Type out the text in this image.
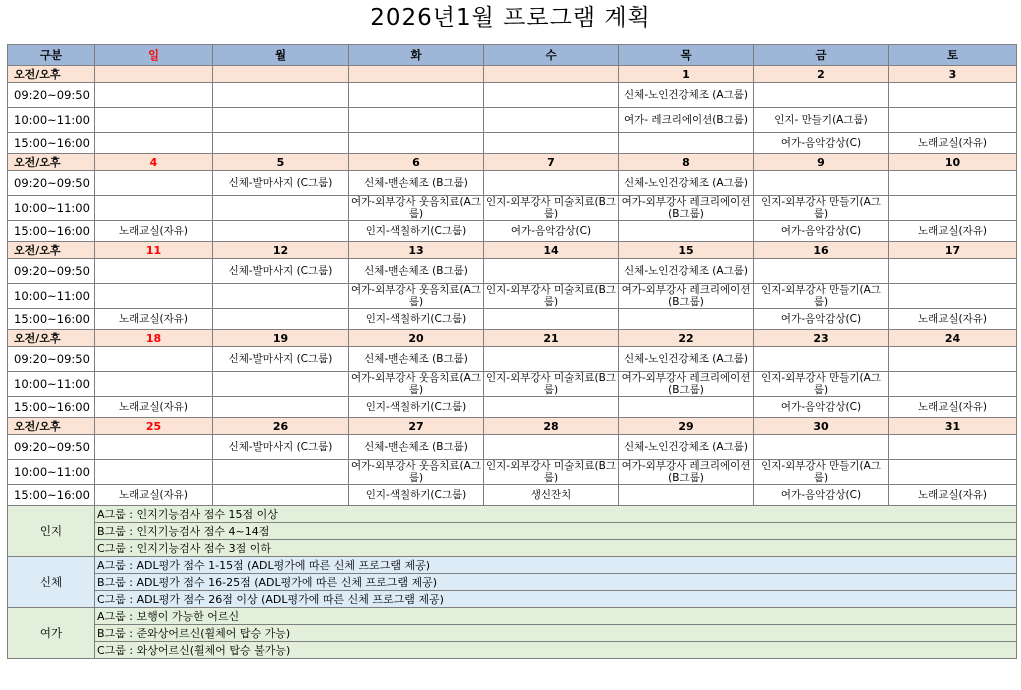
2026년1월 프로그램 계획
구분	일	월	화	수	목	금	토
오전/오후					1	2	3
09:20~09:50					신체-노인건강체조 (A그룹)		

10:00~11:00					여가- 레크리에이션(B그룹)	인지- 만들기(A그룹)	

15:00~16:00						여가-음악감상(C)	노래교실(자유)

오전/오후	4	5	6	7	8	9	10
09:20~09:50		신체-발마사지 (C그룹)	신체-맨손체조 (B그룹)		신체-노인건강체조 (A그룹)		

10:00~11:00			여가-외부강사 웃음치료(A그룹)	인지-외부강사 미술치료(B그룹)	여가-외부강사 레크리에이션(B그룹)	인지-외부강사 만들기(A그룹)	

15:00~16:00	노래교실(자유)		인지-색칠하기(C그룹)	여가-음악감상(C)		여가-음악감상(C)	노래교실(자유)

오전/오후	11	12	13	14	15	16	17
09:20~09:50		신체-발마사지 (C그룹)	신체-맨손체조 (B그룹)		신체-노인건강체조 (A그룹)		

10:00~11:00			여가-외부강사 웃음치료(A그룹)	인지-외부강사 미술치료(B그룹)	여가-외부강사 레크리에이션(B그룹)	인지-외부강사 만들기(A그룹)	

15:00~16:00	노래교실(자유)		인지-색칠하기(C그룹)			여가-음악감상(C)	노래교실(자유)

오전/오후	18	19	20	21	22	23	24
09:20~09:50		신체-발마사지 (C그룹)	신체-맨손체조 (B그룹)		신체-노인건강체조 (A그룹)		

10:00~11:00			여가-외부강사 웃음치료(A그룹)	인지-외부강사 미술치료(B그룹)	여가-외부강사 레크리에이션(B그룹)	인지-외부강사 만들기(A그룹)	

15:00~16:00	노래교실(자유)		인지-색칠하기(C그룹)			여가-음악감상(C)	노래교실(자유)

오전/오후	25	26	27	28	29	30	31
09:20~09:50		신체-발마사지 (C그룹)	신체-맨손체조 (B그룹)		신체-노인건강체조 (A그룹)		

10:00~11:00			여가-외부강사 웃음치료(A그룹)	인지-외부강사 미술치료(B그룹)	여가-외부강사 레크리에이션(B그룹)	인지-외부강사 만들기(A그룹)	

15:00~16:00	노래교실(자유)		인지-색칠하기(C그룹)	생신잔치		여가-음악감상(C)	노래교실(자유)

인지	A그룹 : 인지기능검사 점수 15점 이상						
	B그룹 : 인지기능검사 점수 4~14점						
	C그룹 : 인지기능검사 점수 3점 이하						
신체	A그룹 : ADL평가 점수 1-15점 (ADL평가에 따른 신체 프로그램 제공)						
	B그룹 : ADL평가 점수 16-25점 (ADL평가에 따른 신체 프로그램 제공)						
	C그룹 : ADL평가 점수 26점 이상 (ADL평가에 따른 신체 프로그램 제공)						
여가	A그룹 : 보행이 가능한 어르신						
	B그룹 : 준와상어르신(휠체어 탑승 가능)						
	C그룹 : 와상어르신(휠체어 탑승 불가능)						
